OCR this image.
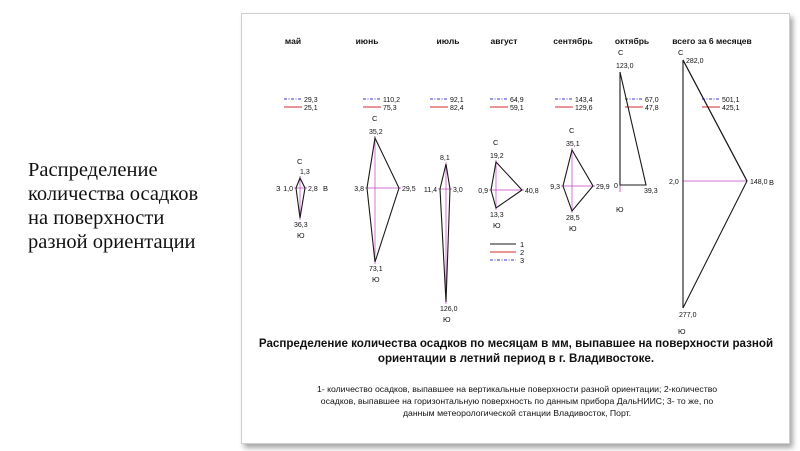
Распределение
количества осадков
на поверхности
разной ориентации
май
29,3
25,1
С
1,3
1,0 2,8
36,3
Ю
З	В
июнь
110,2
75,3
С
35,2
3,8	29,5
73,1
Ю
июль
92,1
82,4
8,1
11,4 3,0
126,0
Ю
август
64,9
59,1
С
19,2
0,9	40,8
13,3
Ю
сентябрь
143,4
129,6
С
35,1
9,3	29,9
28,5
Ю
октябрь
67,0
47,8
С
123,0
0
39,3
Ю
всего за 6 месяцев
501,1
425,1
С
282,0
2,0	148,0 В
277,0
Ю
1
2
3
Распределение количества осадков по месяцам в мм, выпавшее на поверхности разной
ориентации в летний период в г. Владивостоке.
1- количество осадков, выпавшее на вертикальные поверхности разной ориентации; 2-количество
осадков, выпавшее на горизонтальную поверхность по данным прибора ДальНИИС; 3- то же, по
данным метеорологической станции Владивосток, Порт.
